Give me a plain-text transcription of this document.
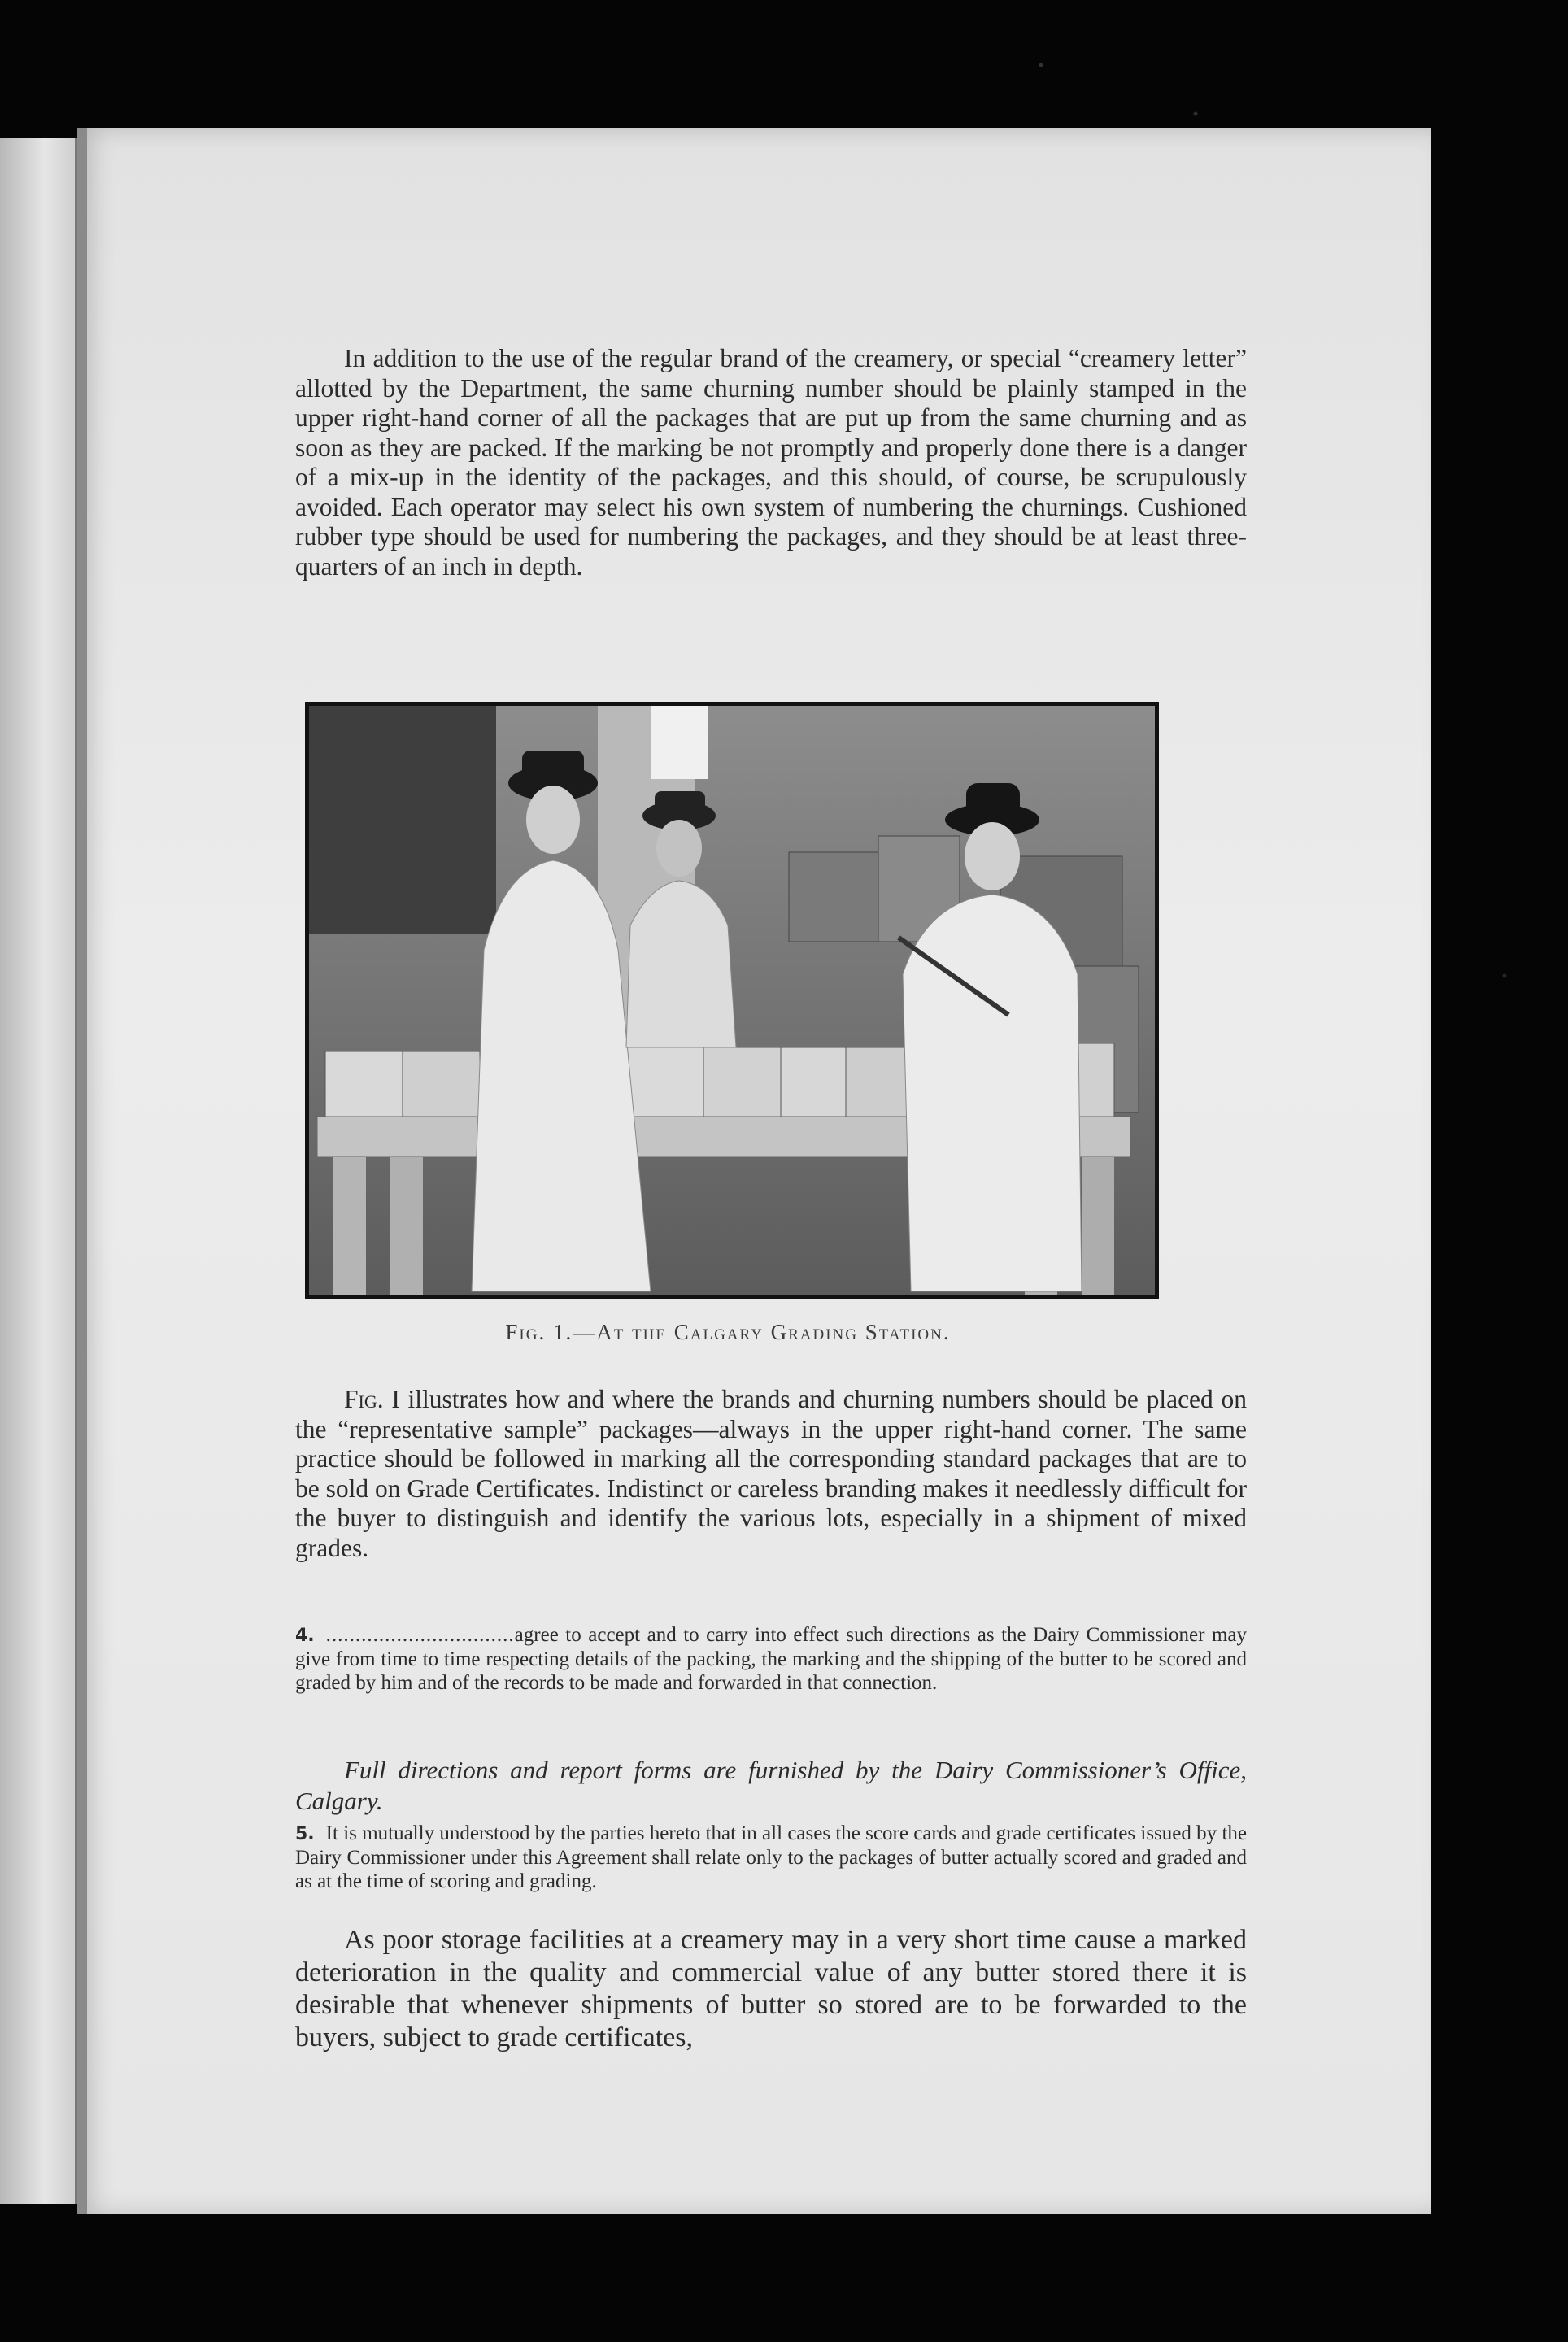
In addition to the use of the regular brand of the creamery, or special “creamery letter” allotted by the Department, the same churning number should be plainly stamped in the upper right-hand corner of all the packages that are put up from the same churning and as soon as they are packed. If the marking be not promptly and properly done there is a danger of a mix-up in the identity of the packages, and this should, of course, be scrupulously avoided. Each operator may select his own system of numbering the churnings. Cushioned rubber type should be used for numbering the packages, and they should be at least three-quarters of an inch in depth.

Fig. 1.—At the Calgary Grading Station.

Fig. I illustrates how and where the brands and churning numbers should be placed on the “representative sample” packages—always in the upper right-hand corner. The same practice should be followed in marking all the corresponding standard packages that are to be sold on Grade Certificates. Indistinct or careless branding makes it needlessly difficult for the buyer to distinguish and identify the various lots, especially in a shipment of mixed grades.

4. ................................agree to accept and to carry into effect such directions as the Dairy Commissioner may give from time to time respecting details of the packing, the marking and the shipping of the butter to be scored and graded by him and of the records to be made and forwarded in that connection.

Full directions and report forms are furnished by the Dairy Commissioner’s Office, Calgary.

5. It is mutually understood by the parties hereto that in all cases the score cards and grade certificates issued by the Dairy Commissioner under this Agreement shall relate only to the packages of butter actually scored and graded and as at the time of scoring and grading.

As poor storage facilities at a creamery may in a very short time cause a marked deterioration in the quality and commercial value of any butter stored there it is desirable that whenever shipments of butter so stored are to be forwarded to the buyers, subject to grade certificates,
